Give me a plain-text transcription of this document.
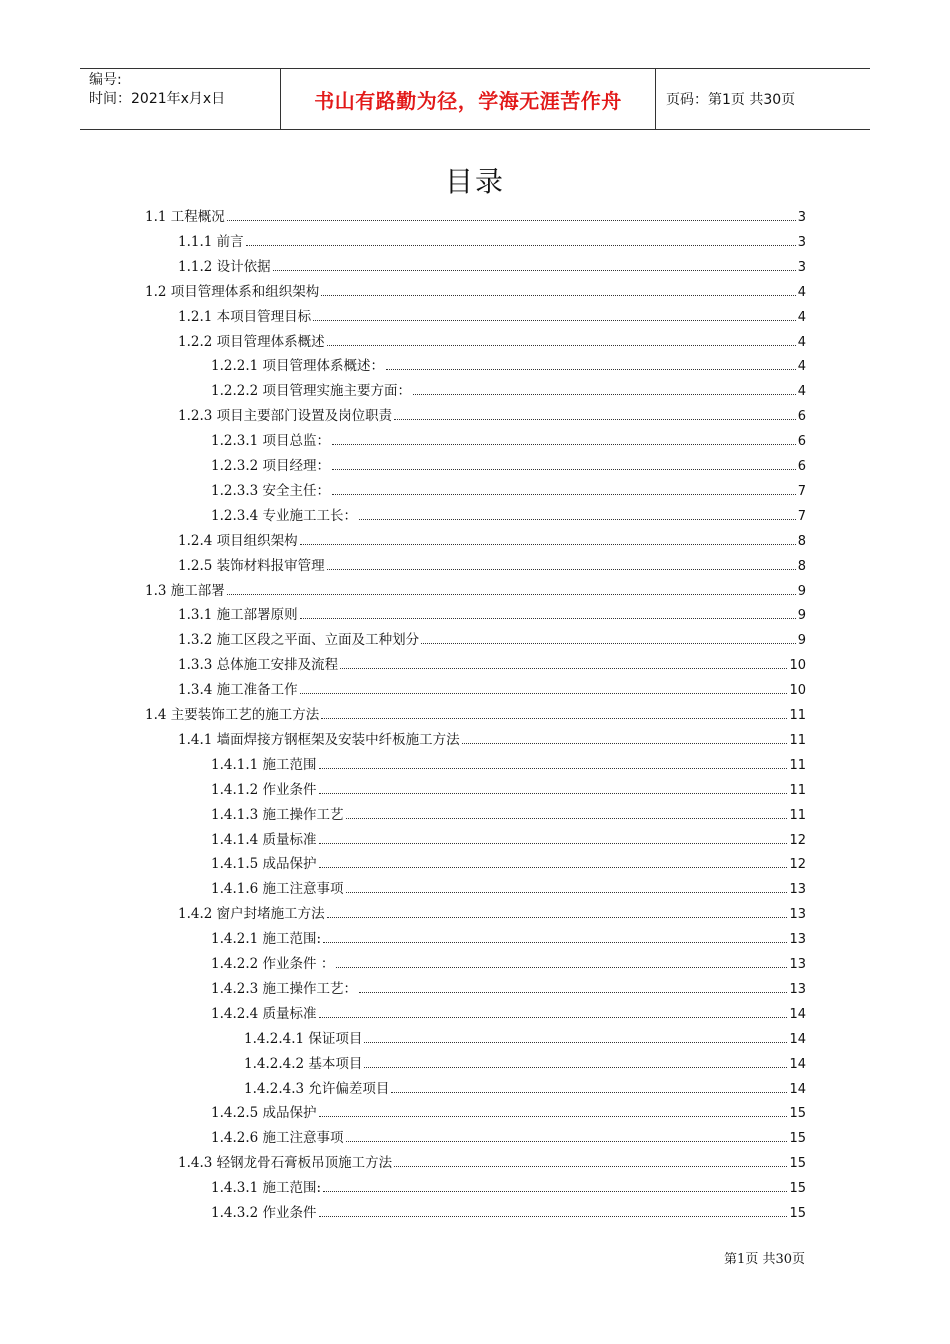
编号:
时间：2021年x月x日	书山有路勤为径，学海无涯苦作舟	页码：第1页 共30页
目录
1.1 工程概况	3
1.1.1 前言	3
1.1.2 设计依据	3
1.2 项目管理体系和组织架构	4
1.2.1 本项目管理目标	4
1.2.2 项目管理体系概述	4
1.2.2.1 项目管理体系概述：	4
1.2.2.2 项目管理实施主要方面：	4
1.2.3 项目主要部门设置及岗位职责	6
1.2.3.1 项目总监：	6
1.2.3.2 项目经理：	6
1.2.3.3 安全主任：	7
1.2.3.4 专业施工工长：	7
1.2.4 项目组织架构	8
1.2.5 装饰材料报审管理	8
1.3 施工部署	9
1.3.1 施工部署原则	9
1.3.2 施工区段之平面、立面及工种划分	9
1.3.3 总体施工安排及流程	10
1.3.4 施工准备工作	10
1.4 主要装饰工艺的施工方法	11
1.4.1 墙面焊接方钢框架及安装中纤板施工方法	11
1.4.1.1 施工范围	11
1.4.1.2 作业条件	11
1.4.1.3 施工操作工艺	11
1.4.1.4 质量标准	12
1.4.1.5 成品保护	12
1.4.1.6 施工注意事项	13
1.4.2 窗户封堵施工方法	13
1.4.2.1 施工范围:	13
1.4.2.2 作业条件 ：	13
1.4.2.3 施工操作工艺：	13
1.4.2.4 质量标准	14
1.4.2.4.1 保证项目	14
1.4.2.4.2 基本项目	14
1.4.2.4.3 允许偏差项目	14
1.4.2.5 成品保护	15
1.4.2.6 施工注意事项	15
1.4.3 轻钢龙骨石膏板吊顶施工方法	15
1.4.3.1 施工范围:	15
1.4.3.2 作业条件	15
第1页 共30页
